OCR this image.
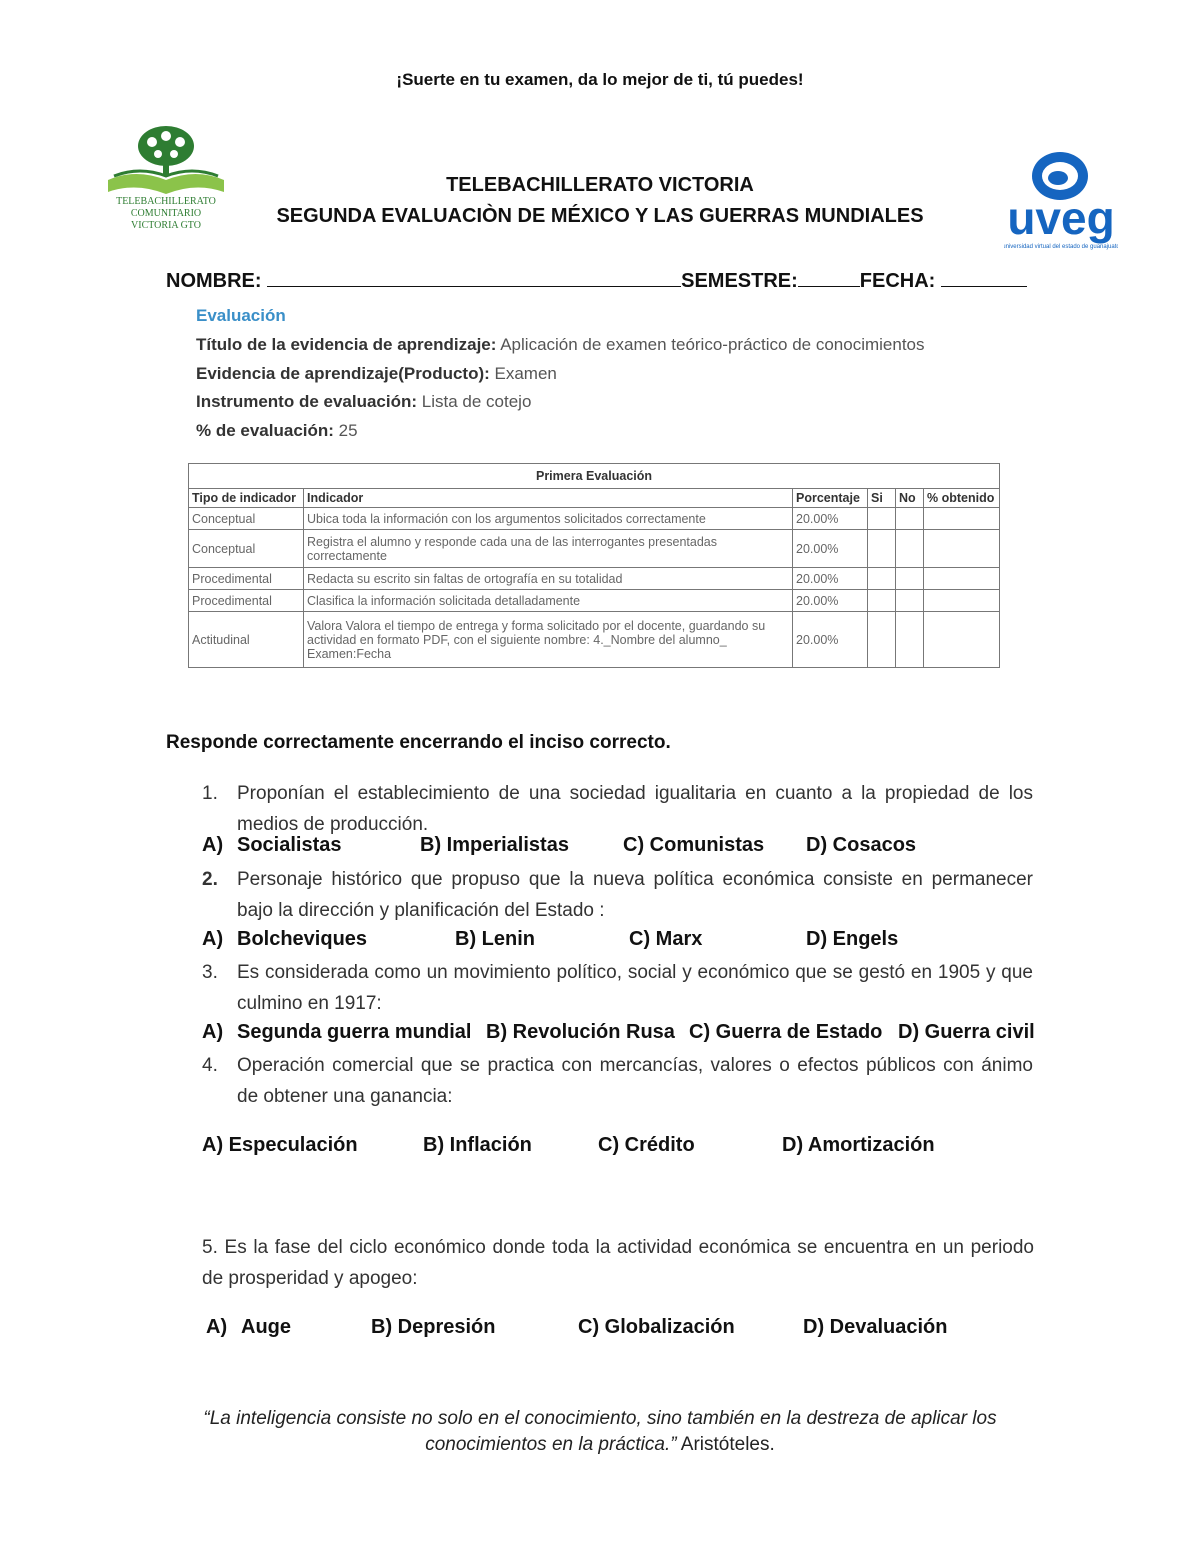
¡Suerte en tu examen, da lo mejor de ti, tú puedes!
TELEBACHILLERATO
COMUNITARIO
VICTORIA GTO
TELEBACHILLERATO VICTORIA
SEGUNDA EVALUACIÒN DE MÉXICO Y LAS GUERRAS MUNDIALES	uveg
universidad virtual del estado de guanajuato
NOMBRE:	SEMESTRE:	FECHA:
Evaluación
Título de la evidencia de aprendizaje: Aplicación de examen teórico-práctico de conocimientos
Evidencia de aprendizaje(Producto): Examen
Instrumento de evaluación: Lista de cotejo
% de evaluación: 25
Primera Evaluación					
Tipo de indicador	Indicador	Porcentaje	Si	No	% obtenido
Conceptual	Ubica toda la información con los argumentos solicitados correctamente	20.00%			
Conceptual	Registra el alumno y responde cada una de las interrogantes presentadas correctamente	20.00%			
Procedimental	Redacta su escrito sin faltas de ortografía en su totalidad	20.00%			
Procedimental	Clasifica la información solicitada detalladamente	20.00%			
Actitudinal	Valora Valora el tiempo de entrega y forma solicitado por el docente, guardando su actividad en formato PDF, con el siguiente nombre: 4._Nombre del alumno_ Examen:Fecha	20.00%			
Responde correctamente encerrando el inciso correcto.
1. Proponían el establecimiento de una sociedad igualitaria en cuanto a la propiedad de los medios de producción.
A) Socialistas	B) Imperialistas	C) Comunistas D) Cosacos
2. Personaje histórico que propuso que la nueva política económica consiste en permanecer bajo la dirección y planificación del Estado :
A) Bolcheviques	B) Lenin	C) Marx	D) Engels
3. Es considerada como un movimiento político, social y económico que se gestó en 1905 y que culmino en 1917:
A) Segunda guerra mundial B) Revolución Rusa C) Guerra de Estado D) Guerra civil
4. Operación comercial que se practica con mercancías, valores o efectos públicos con ánimo de obtener una ganancia:
A) Especulación	B) Inflación	C) Crédito	D) Amortización
5. Es la fase del ciclo económico donde toda la actividad económica se encuentra en un periodo de prosperidad y apogeo:
A) Auge	B) Depresión	C) Globalización	D) Devaluación
“La inteligencia consiste no solo en el conocimiento, sino también en la destreza de aplicar los conocimientos en la práctica.” Aristóteles.
